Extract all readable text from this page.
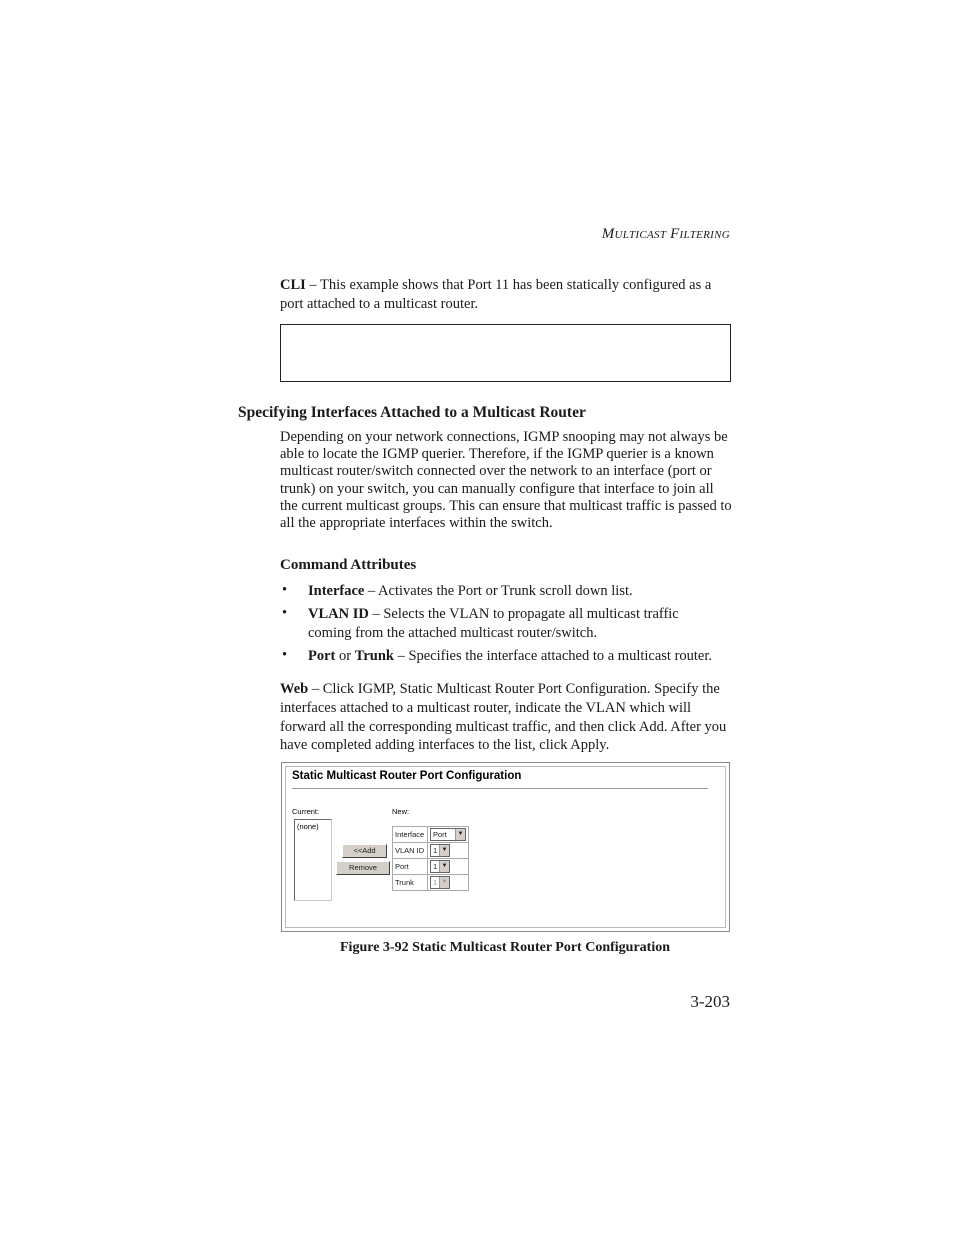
MULTICAST FILTERING
CLI – This example shows that Port 11 has been statically configured as a port attached to a multicast router.
Specifying Interfaces Attached to a Multicast Router
Depending on your network connections, IGMP snooping may not always be able to locate the IGMP querier. Therefore, if the IGMP querier is a known multicast router/switch connected over the network to an interface (port or trunk) on your switch, you can manually configure that interface to join all the current multicast groups. This can ensure that multicast traffic is passed to all the appropriate interfaces within the switch.
Command Attributes
• Interface – Activates the Port or Trunk scroll down list.
• VLAN ID – Selects the VLAN to propagate all multicast traffic coming from the attached multicast router/switch.
• Port or Trunk – Specifies the interface attached to a multicast router.
Web – Click IGMP, Static Multicast Router Port Configuration. Specify the interfaces attached to a multicast router, indicate the VLAN which will forward all the corresponding multicast traffic, and then click Add. After you have completed adding interfaces to the list, click Apply.
Static Multicast Router Port Configuration
Current:
(none)
New:
<<Add
Remove
Interface	Port ▼

VLAN ID	1 ▼

Port	1 ▼

Trunk	1 ▼
Figure 3-92 Static Multicast Router Port Configuration
3-203
